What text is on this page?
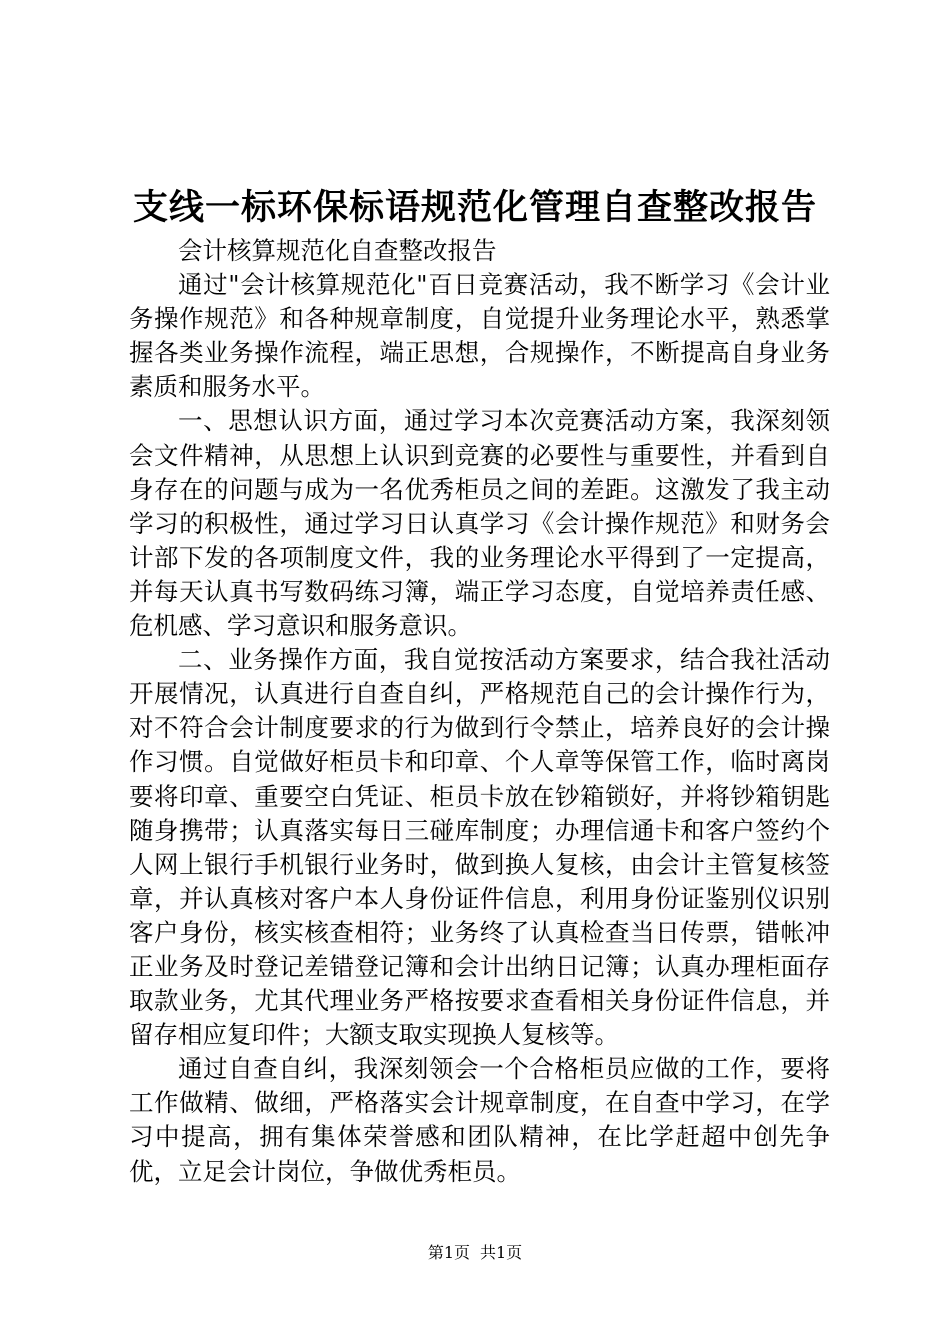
支线一标环保标语规范化管理自查整改报告

会计核算规范化自查整改报告

通过"会计核算规范化"百日竞赛活动，我不断学习《会计业务操作规范》和各种规章制度，自觉提升业务理论水平，熟悉掌握各类业务操作流程，端正思想，合规操作，不断提高自身业务素质和服务水平。

一、思想认识方面，通过学习本次竞赛活动方案，我深刻领会文件精神，从思想上认识到竞赛的必要性与重要性，并看到自身存在的问题与成为一名优秀柜员之间的差距。这激发了我主动学习的积极性，通过学习日认真学习《会计操作规范》和财务会计部下发的各项制度文件，我的业务理论水平得到了一定提高，并每天认真书写数码练习簿，端正学习态度，自觉培养责任感、危机感、学习意识和服务意识。

二、业务操作方面，我自觉按活动方案要求，结合我社活动开展情况，认真进行自查自纠，严格规范自己的会计操作行为，对不符合会计制度要求的行为做到行令禁止，培养良好的会计操作习惯。自觉做好柜员卡和印章、个人章等保管工作，临时离岗要将印章、重要空白凭证、柜员卡放在钞箱锁好，并将钞箱钥匙随身携带；认真落实每日三碰库制度；办理信通卡和客户签约个人网上银行手机银行业务时，做到换人复核，由会计主管复核签章，并认真核对客户本人身份证件信息，利用身份证鉴别仪识别客户身份，核实核查相符；业务终了认真检查当日传票，错帐冲正业务及时登记差错登记簿和会计出纳日记簿；认真办理柜面存取款业务，尤其代理业务严格按要求查看相关身份证件信息，并留存相应复印件；大额支取实现换人复核等。

通过自查自纠，我深刻领会一个合格柜员应做的工作，要将工作做精、做细，严格落实会计规章制度，在自查中学习，在学习中提高，拥有集体荣誉感和团队精神，在比学赶超中创先争优，立足会计岗位，争做优秀柜员。

第1页 共1页
